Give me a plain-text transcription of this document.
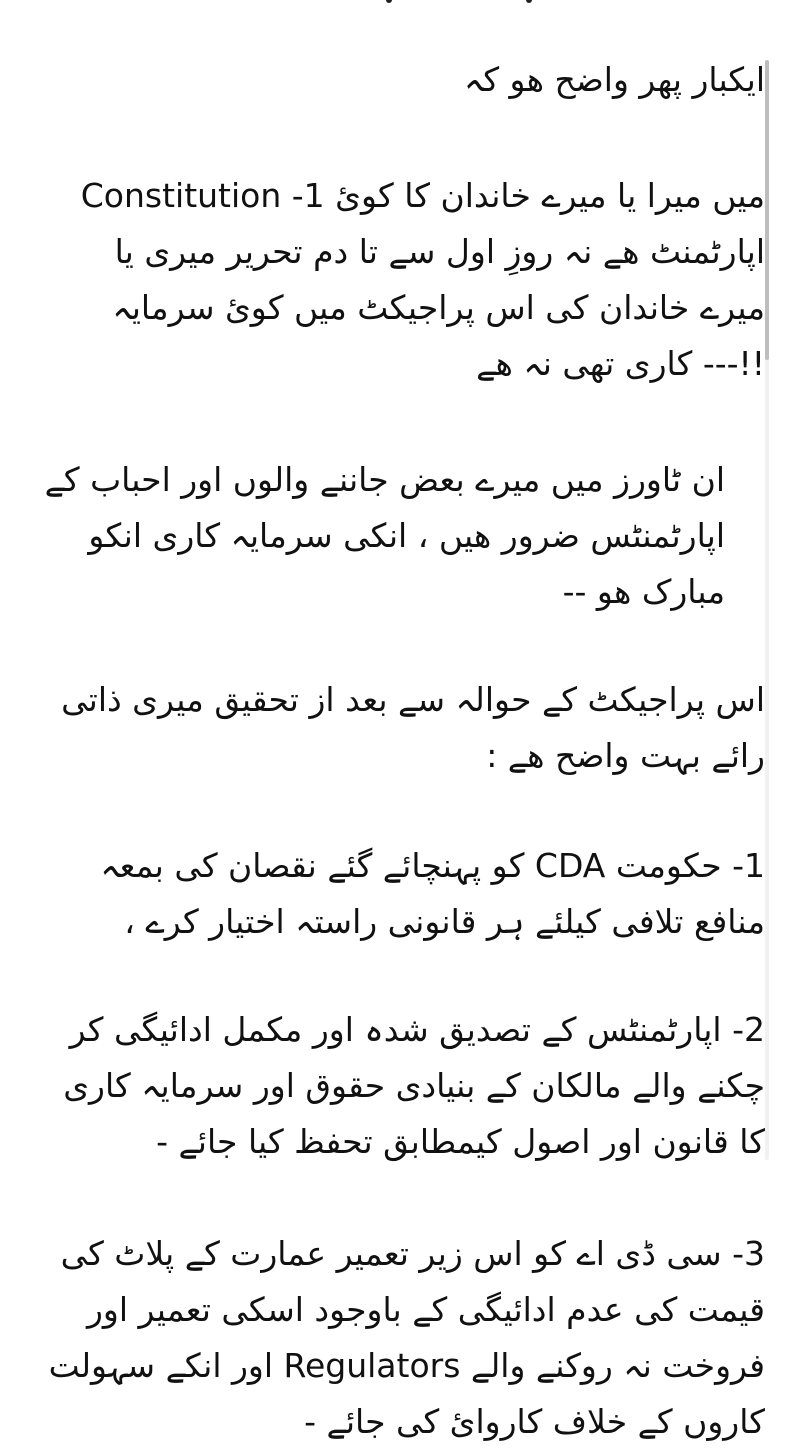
ایکبار پھر واضح ھو کہ

Constitution -1 میں میرا یا میرے خاندان کا کوئ اپارٹمنٹ ھے نہ روزِ اول سے تا دم تحریر میری یا میرے خاندان کی اس پراجیکٹ میں کوئ سرمایہ کاری تھی نہ ھے ---!!

ان ٹاورز میں میرے بعض جاننے والوں اور احباب کے اپارٹمنٹس ضرور ھیں ، انکی سرمایہ کاری انکو مبارک ھو --

اس پراجیکٹ کے حوالہ سے بعد از تحقیق میری ذاتی رائے بہت واضح ھے :

1- حکومت CDA کو پہنچائے گئے نقصان کی بمعہ منافع تلافی کیلئے ہر قانونی راستہ اختیار کرے ،

2- اپارٹمنٹس کے تصدیق شدہ اور مکمل ادائیگی کر چکنے والے مالکان کے بنیادی حقوق اور سرمایہ کاری کا قانون اور اصول کیمطابق تحفظ کیا جائے -

3- سی ڈی اے کو اس زیر تعمیر عمارت کے پلاٹ کی قیمت کی عدم ادائیگی کے باوجود اسکی تعمیر اور فروخت نہ روکنے والے Regulators اور انکے سہولت کاروں کے خلاف کاروائ کی جائے -
